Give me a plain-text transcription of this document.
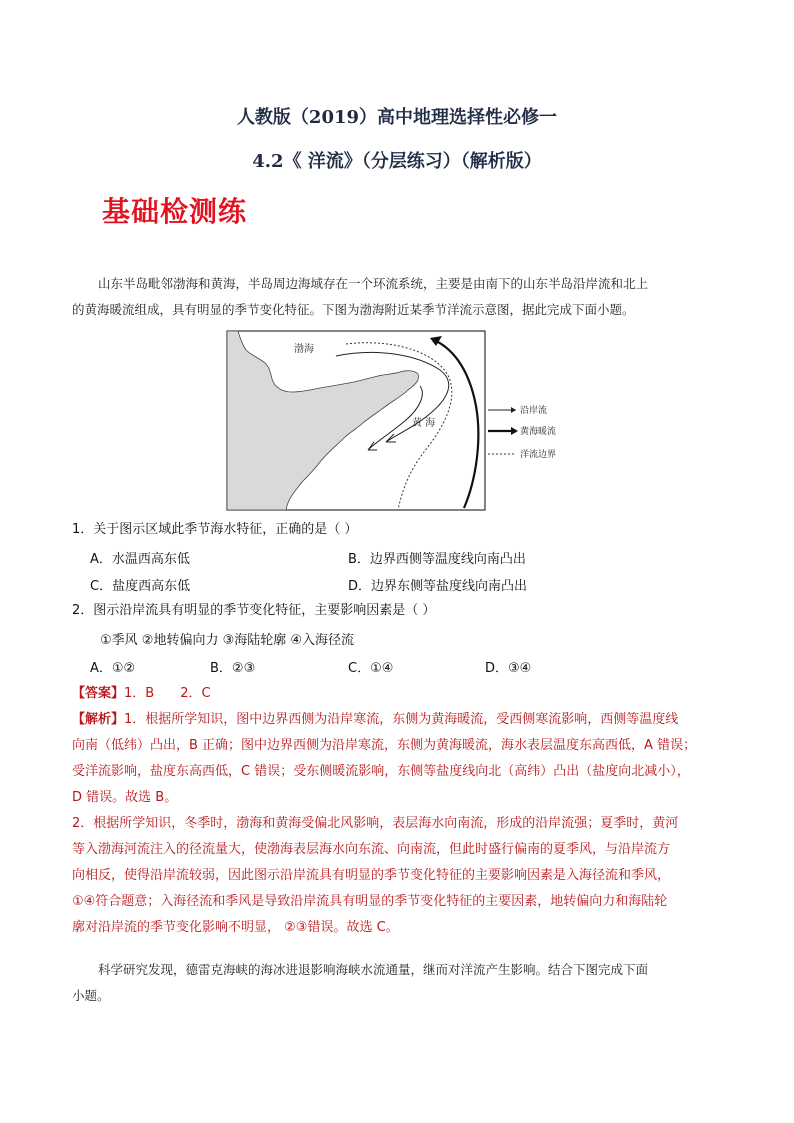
人教版（2019）高中地理选择性必修一
4.2《 洋流》（分层练习）（解析版）
基础检测练
山东半岛毗邻渤海和黄海，半岛周边海域存在一个环流系统，主要是由南下的山东半岛沿岸流和北上
的黄海暖流组成，具有明显的季节变化特征。下图为渤海附近某季节洋流示意图，据此完成下面小题。
渤海
黄 海
沿岸流
黄海暖流
洋流边界
1．关于图示区域此季节海水特征，正确的是（ ）
A．水温西高东低	B．边界西侧等温度线向南凸出
C．盐度西高东低	D．边界东侧等盐度线向南凸出
2．图示沿岸流具有明显的季节变化特征，主要影响因素是（ ）
①季风 ②地转偏向力 ③海陆轮廓 ④入海径流
A．①②	B．②③	C．①④	D．③④
【答案】1．B　　2．C
【解析】1．根据所学知识，图中边界西侧为沿岸寒流，东侧为黄海暖流，受西侧寒流影响，西侧等温度线
向南（低纬）凸出，B 正确；图中边界西侧为沿岸寒流，东侧为黄海暖流，海水表层温度东高西低，A 错误；
受洋流影响，盐度东高西低，C 错误；受东侧暖流影响，东侧等盐度线向北（高纬）凸出（盐度向北减小），
D 错误。故选 B。
2．根据所学知识，冬季时，渤海和黄海受偏北风影响，表层海水向南流，形成的沿岸流强；夏季时，黄河
等入渤海河流注入的径流量大，使渤海表层海水向东流、向南流，但此时盛行偏南的夏季风，与沿岸流方
向相反，使得沿岸流较弱，因此图示沿岸流具有明显的季节变化特征的主要影响因素是入海径流和季风，
①④符合题意；入海径流和季风是导致沿岸流具有明显的季节变化特征的主要因素，地转偏向力和海陆轮
廓对沿岸流的季节变化影响不明显， ②③错误。故选 C。
科学研究发现，德雷克海峡的海冰进退影响海峡水流通量，继而对洋流产生影响。结合下图完成下面
小题。
